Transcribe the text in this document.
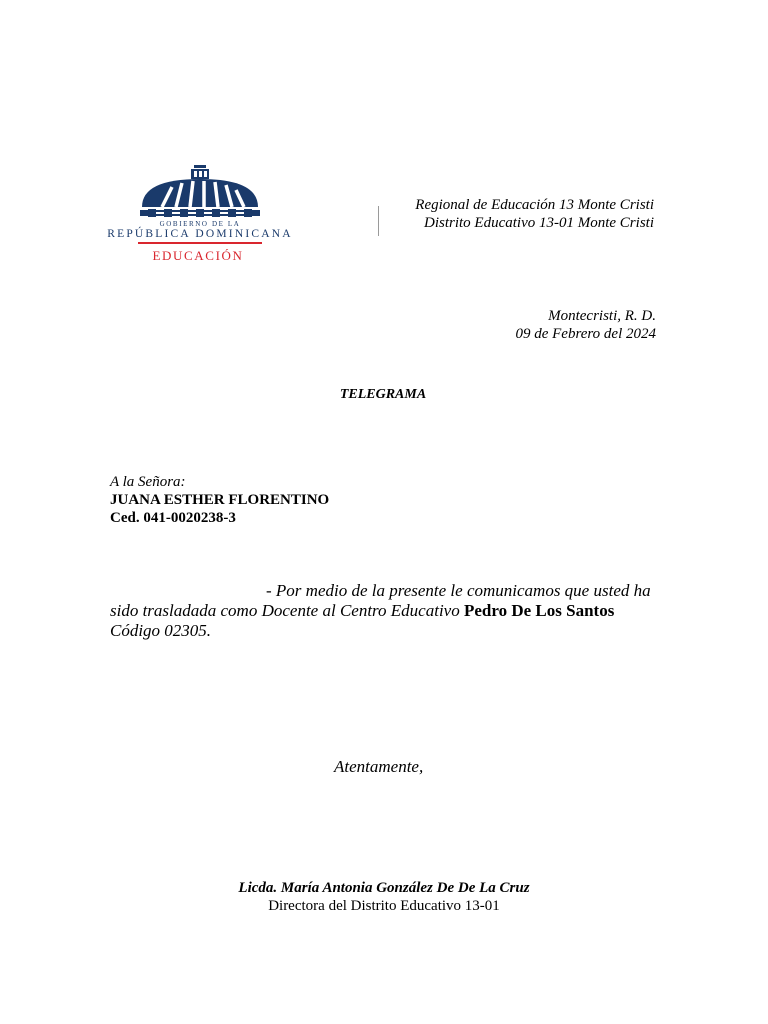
GOBIERNO DE LA
REPÚBLICA DOMINICANA
EDUCACIÓN
Regional de Educación 13 Monte Cristi
Distrito Educativo 13-01 Monte Cristi
Montecristi, R. D.
09 de Febrero del 2024
TELEGRAMA
A la Señora:
JUANA ESTHER FLORENTINO
Ced. 041-0020238-3
- Por medio de la presente le comunicamos que usted ha sido trasladada como Docente al Centro Educativo Pedro De Los Santos Código 02305.
Atentamente,
Licda. María Antonia González De De La Cruz
Directora del Distrito Educativo 13-01
